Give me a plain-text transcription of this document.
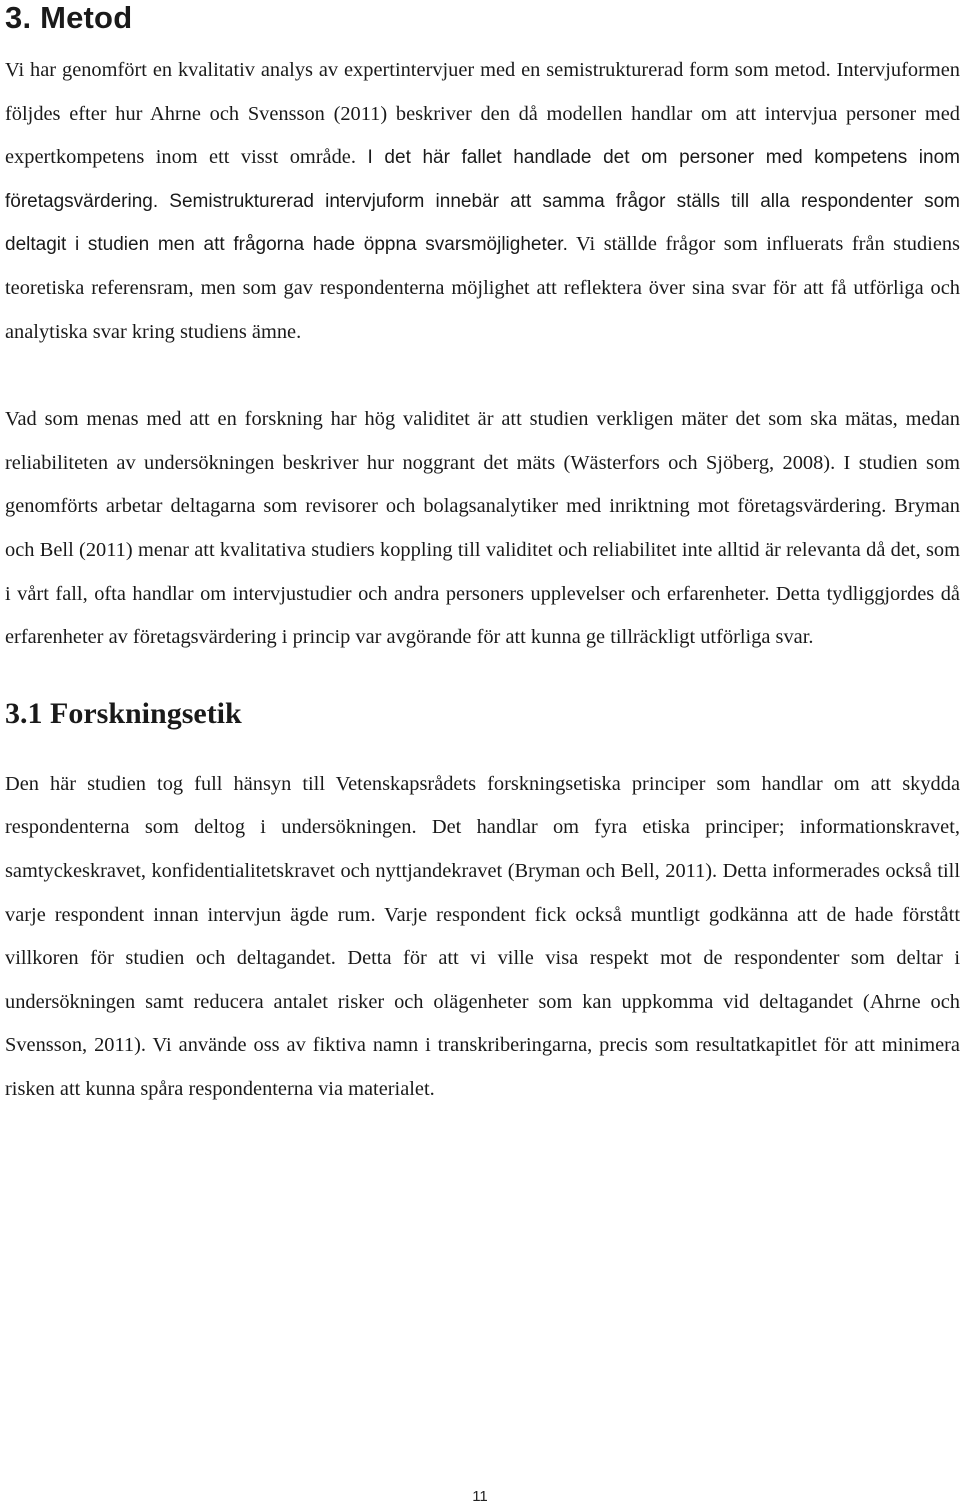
3. Metod

Vi har genomfört en kvalitativ analys av expertintervjuer med en semistrukturerad form som metod. Intervjuformen följdes efter hur Ahrne och Svensson (2011) beskriver den då modellen handlar om att intervjua personer med expertkompetens inom ett visst område. I det här fallet handlade det om personer med kompetens inom företagsvärdering. Semistrukturerad intervjuform innebär att samma frågor ställs till alla respondenter som deltagit i studien men att frågorna hade öppna svarsmöjligheter. Vi ställde frågor som influerats från studiens teoretiska referensram, men som gav respondenterna möjlighet att reflektera över sina svar för att få utförliga och analytiska svar kring studiens ämne.

Vad som menas med att en forskning har hög validitet är att studien verkligen mäter det som ska mätas, medan reliabiliteten av undersökningen beskriver hur noggrant det mäts (Wästerfors och Sjöberg, 2008). I studien som genomförts arbetar deltagarna som revisorer och bolagsanalytiker med inriktning mot företagsvärdering. Bryman och Bell (2011) menar att kvalitativa studiers koppling till validitet och reliabilitet inte alltid är relevanta då det, som i vårt fall, ofta handlar om intervjustudier och andra personers upplevelser och erfarenheter. Detta tydliggjordes då erfarenheter av företagsvärdering i princip var avgörande för att kunna ge tillräckligt utförliga svar.

3.1 Forskningsetik

Den här studien tog full hänsyn till Vetenskapsrådets forskningsetiska principer som handlar om att skydda respondenterna som deltog i undersökningen. Det handlar om fyra etiska principer; informationskravet, samtyckeskravet, konfidentialitetskravet och nyttjandekravet (Bryman och Bell, 2011). Detta informerades också till varje respondent innan intervjun ägde rum. Varje respondent fick också muntligt godkänna att de hade förstått villkoren för studien och deltagandet. Detta för att vi ville visa respekt mot de respondenter som deltar i undersökningen samt reducera antalet risker och olägenheter som kan uppkomma vid deltagandet (Ahrne och Svensson, 2011). Vi använde oss av fiktiva namn i transkriberingarna, precis som resultatkapitlet för att minimera risken att kunna spåra respondenterna via materialet.

11
